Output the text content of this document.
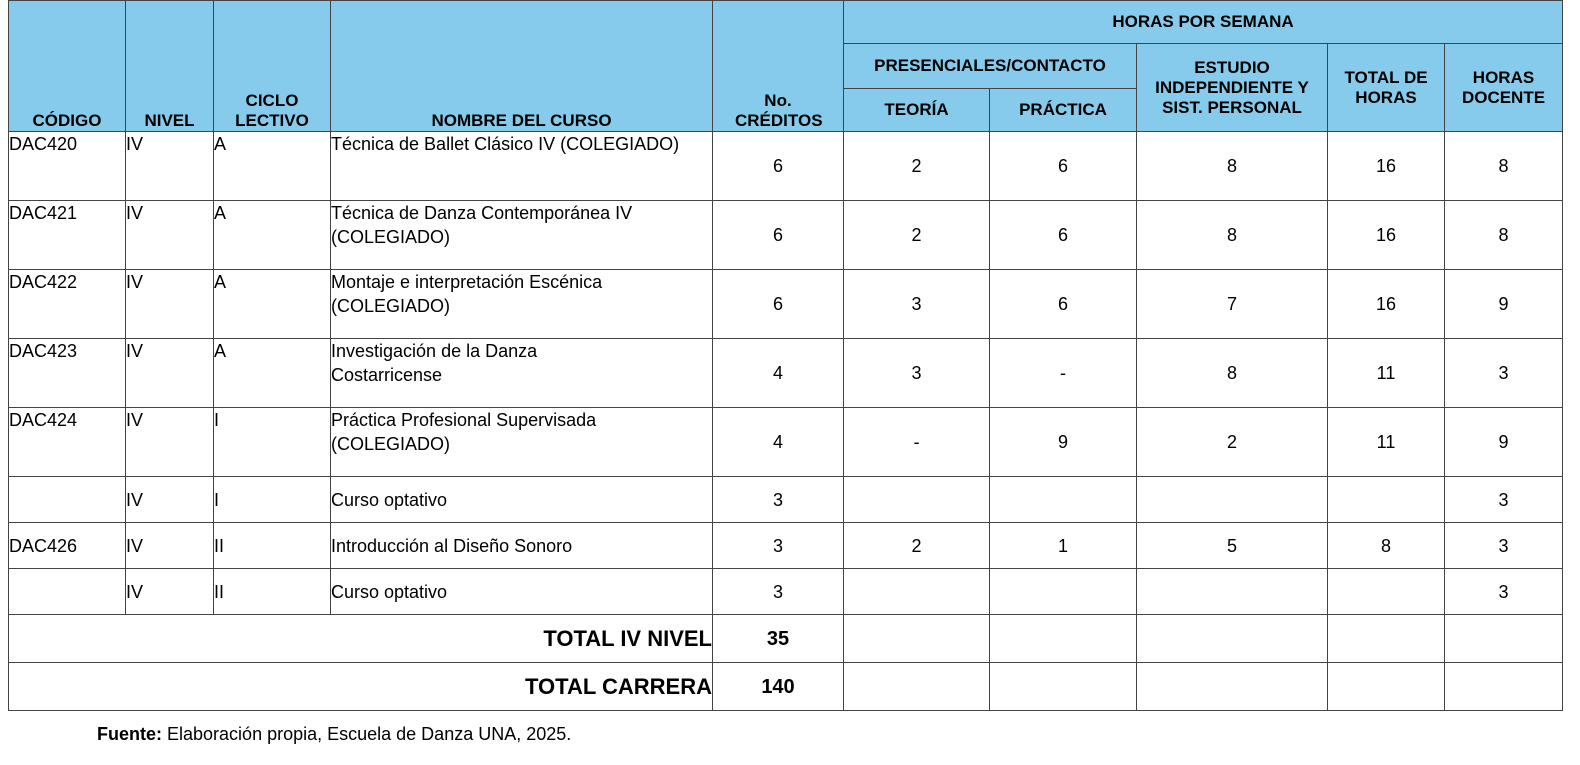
CÓDIGO	NIVEL	CICLO LECTIVO	NOMBRE DEL CURSO	No. CRÉDITOS	HORAS POR SEMANA				
					PRESENCIALES/CONTACTO		ESTUDIO INDEPENDIENTE Y SIST. PERSONAL	TOTAL DE HORAS	HORAS DOCENTE
					TEORÍA	PRÁCTICA			
DAC420	IV	A	Técnica de Ballet Clásico IV (COLEGIADO)	6	2	6	8	16	8
DAC421	IV	A	Técnica de Danza Contemporánea IV (COLEGIADO)	6	2	6	8	16	8
DAC422	IV	A	Montaje e interpretación Escénica (COLEGIADO)	6	3	6	7	16	9
DAC423	IV	A	Investigación de la Danza Costarricense	4	3	-	8	11	3
DAC424	IV	I	Práctica Profesional Supervisada (COLEGIADO)	4	-	9	2	11	9
	IV	I	Curso optativo	3					3
DAC426	IV	II	Introducción al Diseño Sonoro	3	2	1	5	8	3
	IV	II	Curso optativo	3					3
TOTAL IV NIVEL				35					
TOTAL CARRERA				140					
Fuente: Elaboración propia, Escuela de Danza UNA, 2025.
